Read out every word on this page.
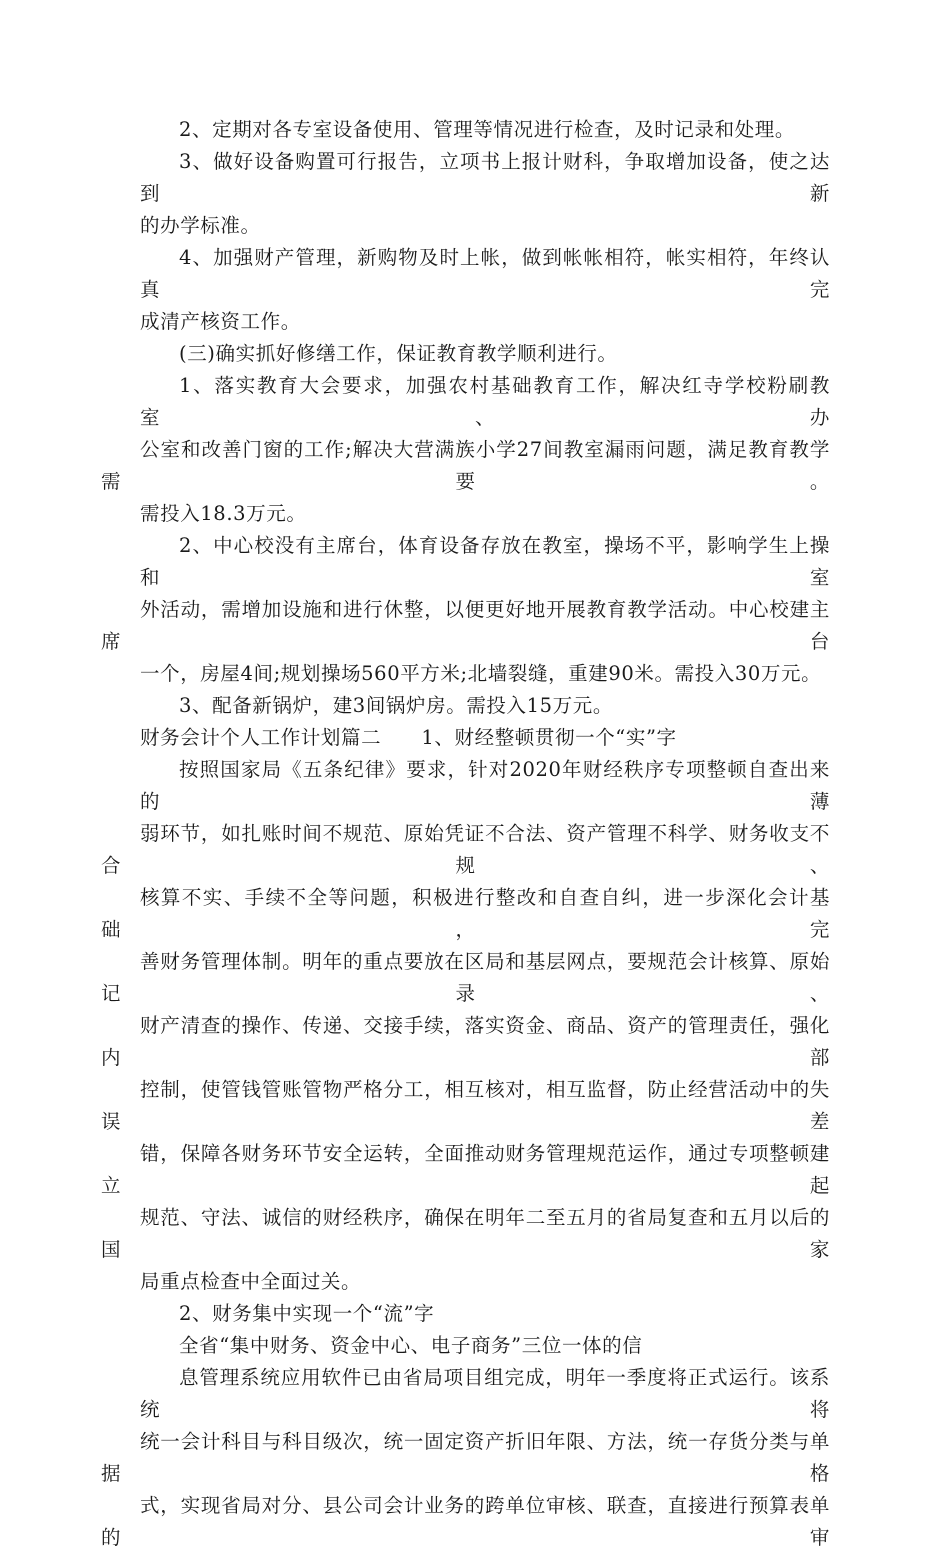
2、定期对各专室设备使用、管理等情况进行检查，及时记录和处理。

3、做好设备购置可行报告，立项书上报计财科，争取增加设备，使之达到新
的办学标准。

4、加强财产管理，新购物及时上帐，做到帐帐相符，帐实相符，年终认真完
成清产核资工作。

(三)确实抓好修缮工作，保证教育教学顺利进行。

1、落实教育大会要求，加强农村基础教育工作，解决红寺学校粉刷教室、办
公室和改善门窗的工作;解决大营满族小学27间教室漏雨问题，满足教育教学需要。
需投入18.3万元。

2、中心校没有主席台，体育设备存放在教室，操场不平，影响学生上操和室
外活动，需增加设施和进行休整，以便更好地开展教育教学活动。中心校建主席台
一个，房屋4间;规划操场560平方米;北墙裂缝，重建90米。需投入30万元。

3、配备新锅炉，建3间锅炉房。需投入15万元。

财务会计个人工作计划篇二　　1、财经整顿贯彻一个“实”字

按照国家局《五条纪律》要求，针对2020年财经秩序专项整顿自查出来的薄
弱环节，如扎账时间不规范、原始凭证不合法、资产管理不科学、财务收支不合规、
核算不实、手续不全等问题，积极进行整改和自查自纠，进一步深化会计基础，完
善财务管理体制。明年的重点要放在区局和基层网点，要规范会计核算、原始记录、
财产清查的操作、传递、交接手续，落实资金、商品、资产的管理责任，强化内部
控制，使管钱管账管物严格分工，相互核对，相互监督，防止经营活动中的失误差
错，保障各财务环节安全运转，全面推动财务管理规范运作，通过专项整顿建立起
规范、守法、诚信的财经秩序，确保在明年二至五月的省局复查和五月以后的国家
局重点检查中全面过关。

2、财务集中实现一个“流”字

全省“集中财务、资金中心、电子商务”三位一体的信

息管理系统应用软件已由省局项目组完成，明年一季度将正式运行。该系统将
统一会计科目与科目级次，统一固定资产折旧年限、方法，统一存货分类与单据格
式，实现省局对分、县公司会计业务的跨单位审核、联查，直接进行预算表单的审
